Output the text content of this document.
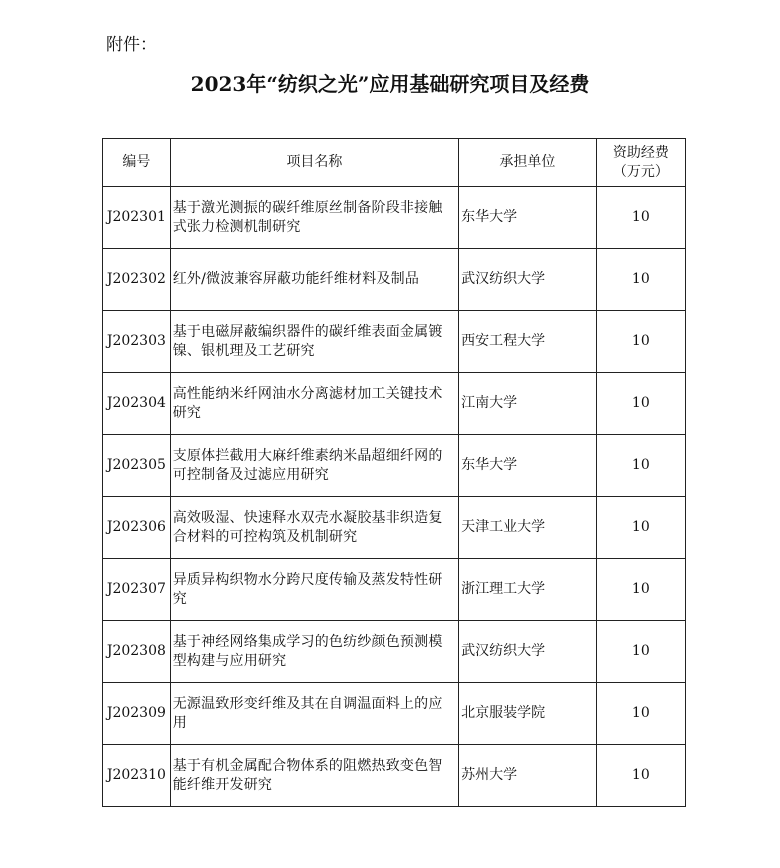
附件：
2023年“纺织之光”应用基础研究项目及经费
编号	项目名称	承担单位	资助经费
（万元）

J202301	基于激光测振的碳纤维原丝制备阶段非接触式张力检测机制研究	东华大学	10
J202302	红外/微波兼容屏蔽功能纤维材料及制品	武汉纺织大学	10
J202303	基于电磁屏蔽编织器件的碳纤维表面金属镀镍、银机理及工艺研究	西安工程大学	10
J202304	高性能纳米纤网油水分离滤材加工关键技术研究	江南大学	10
J202305	支原体拦截用大麻纤维素纳米晶超细纤网的可控制备及过滤应用研究	东华大学	10
J202306	高效吸湿、快速释水双壳水凝胶基非织造复合材料的可控构筑及机制研究	天津工业大学	10
J202307	异质异构织物水分跨尺度传输及蒸发特性研究	浙江理工大学	10
J202308	基于神经网络集成学习的色纺纱颜色预测模型构建与应用研究	武汉纺织大学	10
J202309	无源温致形变纤维及其在自调温面料上的应用	北京服装学院	10
J202310	基于有机金属配合物体系的阻燃热致变色智能纤维开发研究	苏州大学	10
